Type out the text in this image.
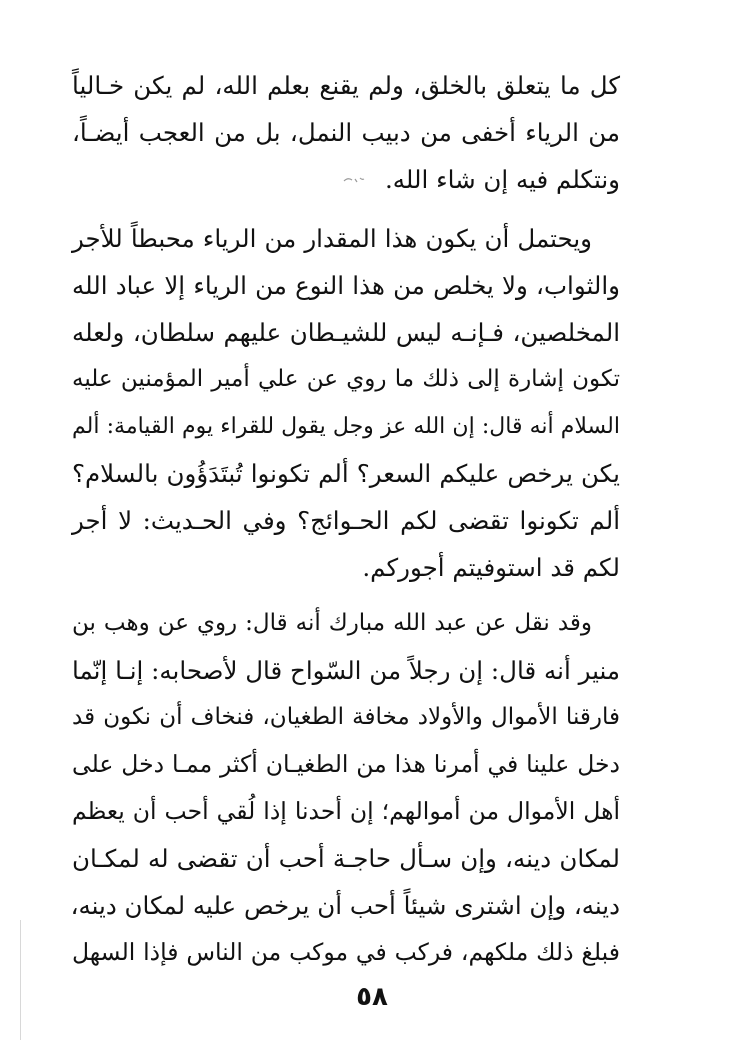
كل ما يتعلق بالخلق، ولم يقنع بعلم الله، لم يكن خـالياً
من الرياء أخفى من دبيب النمل، بل من العجب أيضـاً،
ونتكلم فيه إن شاء الله.
ويحتمل أن يكون هذا المقدار من الرياء محبطاً للأجر
والثواب، ولا يخلص من هذا النوع من الرياء إلا عباد الله
المخلصين، فـإنـه ليس للشيـطان عليهم سلطان، ولعله
تكون إشارة إلى ذلك ما روي عن علي أمير المؤمنين عليه
السلام أنه قال: إن الله عز وجل يقول للقراء يوم القيامة: ألم
يكن يرخص عليكم السعر؟ ألم تكونوا تُبتَدَؤُون بالسلام؟
ألم تكونوا تقضى لكم الحـوائج؟ وفي الحـديث: لا أجر
لكم قد استوفيتم أجوركم.
وقد نقل عن عبد الله مبارك أنه قال: روي عن وهب بن
منير أنه قال: إن رجلاً من السّواح قال لأصحابه: إنـا إنّما
فارقنا الأموال والأولاد مخافة الطغيان، فنخاف أن نكون قد
دخل علينا في أمرنا هذا من الطغيـان أكثر ممـا دخل على
أهل الأموال من أموالهم؛ إن أحدنا إذا لُقي أحب أن يعظم
لمكان دينه، وإن سـأل حاجـة أحب أن تقضى له لمكـان
دينه، وإن اشترى شيئاً أحب أن يرخص عليه لمكان دينه،
فبلغ ذلك ملكهم، فركب في موكب من الناس فإذا السهل
٥٨
